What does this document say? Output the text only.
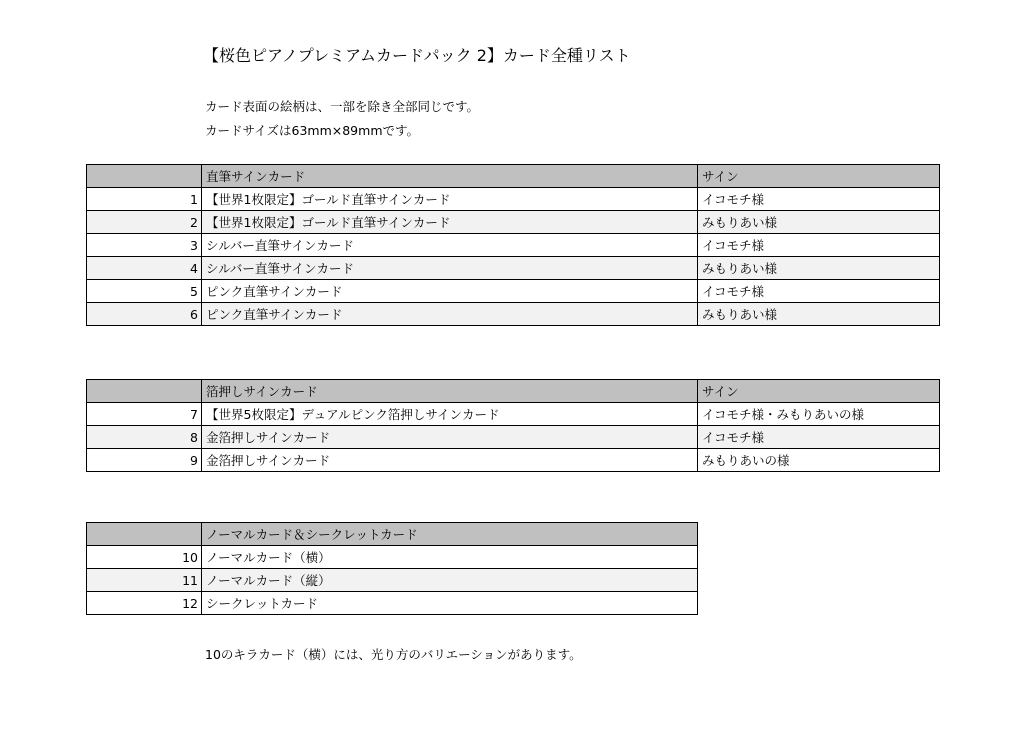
【桜色ピアノプレミアムカードパック 2】カード全種リスト
カード表面の絵柄は、一部を除き全部同じです。
カードサイズは63mm×89mmです。
	直筆サインカード	サイン
1	【世界1枚限定】ゴールド直筆サインカード	イコモチ様
2	【世界1枚限定】ゴールド直筆サインカード	みもりあい様
3	シルバー直筆サインカード	イコモチ様
4	シルバー直筆サインカード	みもりあい様
5	ピンク直筆サインカード	イコモチ様
6	ピンク直筆サインカード	みもりあい様
	箔押しサインカード	サイン
7	【世界5枚限定】デュアルピンク箔押しサインカード	イコモチ様・みもりあいの様
8	金箔押しサインカード	イコモチ様
9	金箔押しサインカード	みもりあいの様
	ノーマルカード＆シークレットカード
10	ノーマルカード（横）
11	ノーマルカード（縦）
12	シークレットカード
10のキラカード（横）には、光り方のバリエーションがあります。
